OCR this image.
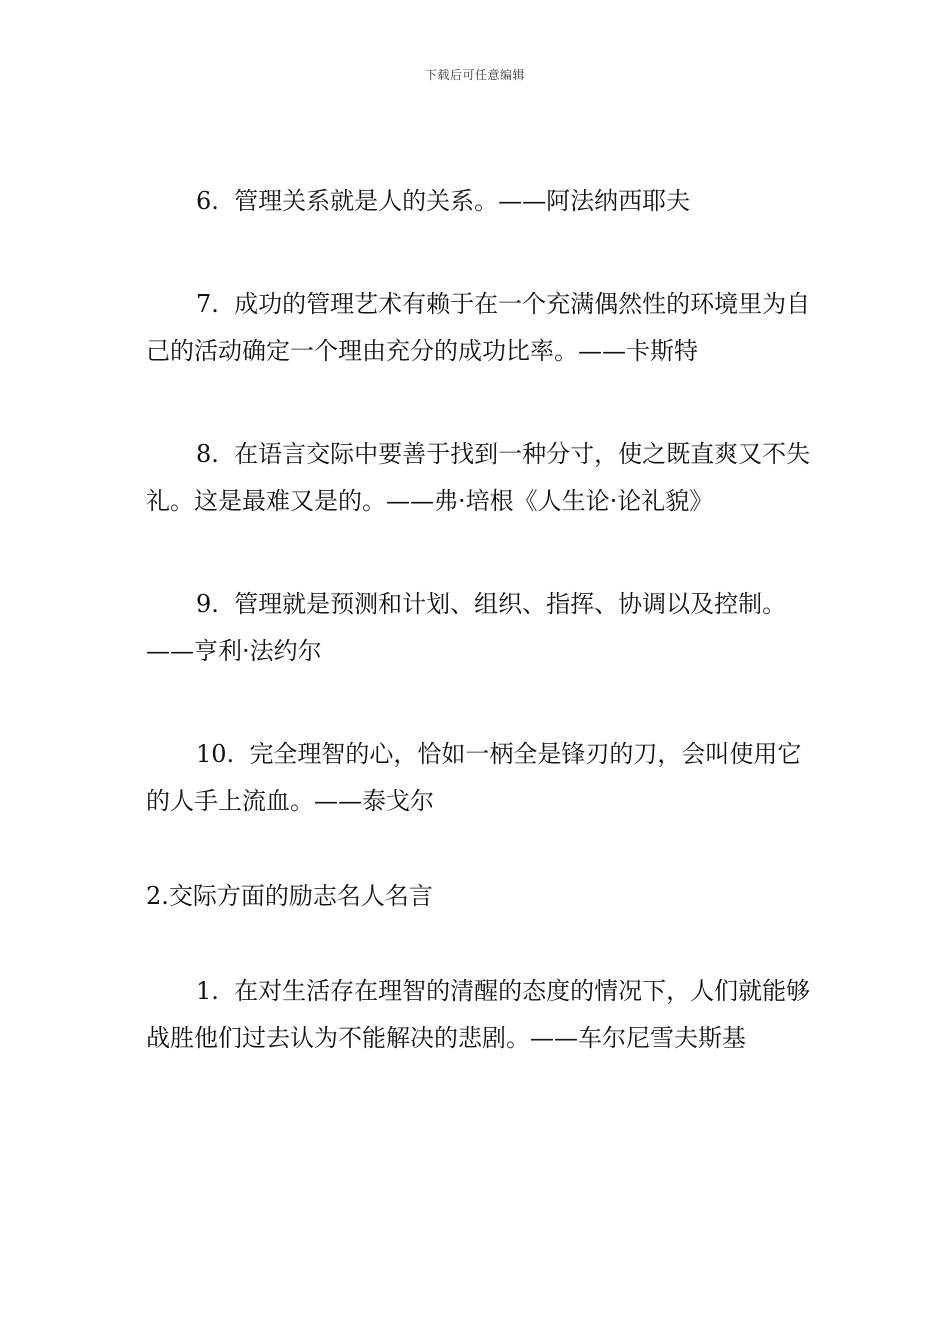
下载后可任意编辑

6. 管理关系就是人的关系。——阿法纳西耶夫

7. 成功的管理艺术有赖于在一个充满偶然性的环境里为自己的活动确定一个理由充分的成功比率。——卡斯特

8. 在语言交际中要善于找到一种分寸，使之既直爽又不失礼。这是最难又是的。——弗·培根《人生论·论礼貌》

9. 管理就是预测和计划、组织、指挥、协调以及控制。——亨利·法约尔

10. 完全理智的心，恰如一柄全是锋刃的刀，会叫使用它的人手上流血。——泰戈尔

2.交际方面的励志名人名言

1. 在对生活存在理智的清醒的态度的情况下，人们就能够战胜他们过去认为不能解决的悲剧。——车尔尼雪夫斯基
